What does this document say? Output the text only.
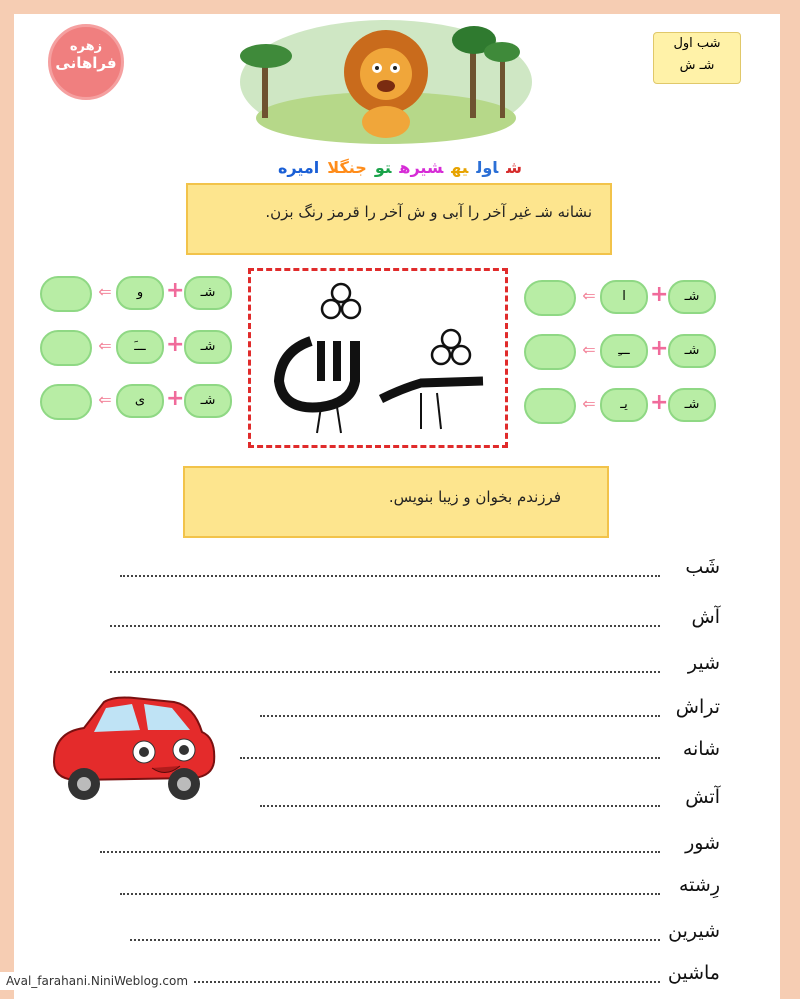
زهره
فراهانی
شب اول
شـ ش
شاولیهشیرهتوجنگلاامیره
نشانه شـ غیر آخر را آبی و ش آخر را قرمز رنگ بزن.
⇐	و	+	شـ
⇐	ـــَ +	شـ
⇐	ی +	شـ
⇐	ا	+	شـ
⇐	ـــِ +	شـ
⇐	یـ	+	شـ
فرزندم بخوان و زیبا بنویس.
شَب
آش
شیر
تراش
شانه
آتش
شور
رِشته
شیرین
ماشین
Aval_farahani.NiniWeblog.com
